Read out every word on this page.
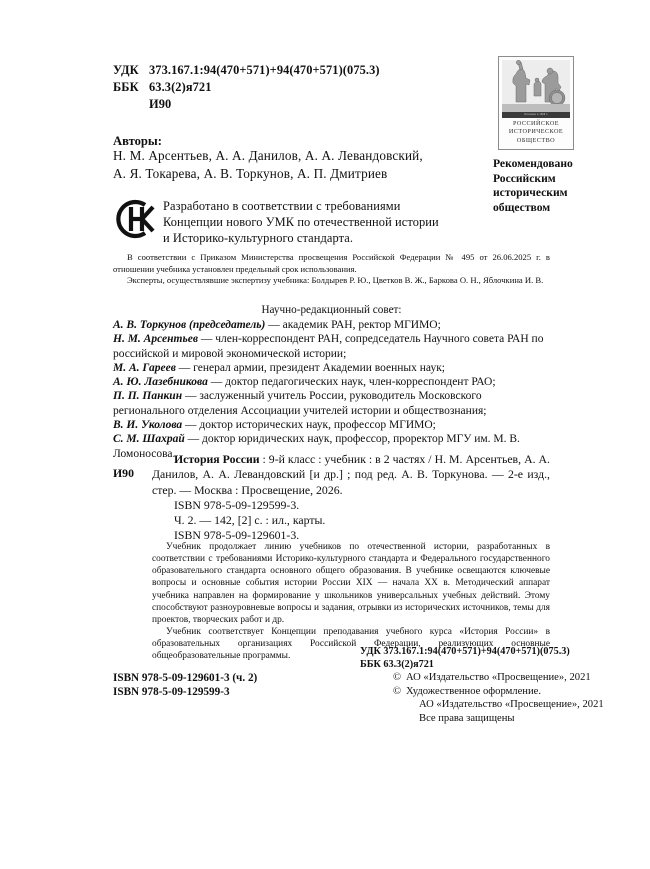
УДК 373.167.1:94(470+571)+94(470+571)(075.3)
ББК 63.3(2)я721
И90
Основано в 1866 г.
РОССИЙСКОЕ
ИСТОРИЧЕСКОЕ
ОБЩЕСТВО
Рекомендовано
Российским
историческим
обществом
Авторы:
Н. М. Арсентьев, А. А. Данилов, А. А. Левандовский,
А. Я. Токарева, А. В. Торкунов, А. П. Дмитриев
Разработано в соответствии с требованиями
Концепции нового УМК по отечественной истории
и Историко-культурного стандарта.

В соответствии с Приказом Министерства просвещения Российской Федерации № 495 от 26.06.2025 г. в отношении учебника установлен предельный срок использования.

Эксперты, осуществлявшие экспертизу учебника: Болдырев Р. Ю., Цветков В. Ж., Баркова О. Н., Яблочкина И. В.

Научно-редакционный совет:
А. В. Торкунов (председатель) — академик РАН, ректор МГИМО;
Н. М. Арсентьев — член-корреспондент РАН, сопредседатель Научного совета РАН по российской и мировой экономической истории;
М. А. Гареев — генерал армии, президент Академии военных наук;
А. Ю. Лазебникова — доктор педагогических наук, член-корреспондент РАО;
П. П. Панкин — заслуженный учитель России, руководитель Московского регионального отделения Ассоциации учителей истории и обществознания;
В. И. Уколова — доктор исторических наук, профессор МГИМО;
С. М. Шахрай — доктор юридических наук, профессор, проректор МГУ им. М. В. Ломоносова.
И90
История России : 9-й класс : учебник : в 2 частях / Н. М. Арсентьев, А. А. Данилов, А. А. Левандовский [и др.] ; под ред. А. В. Торкунова. — 2-е изд., стер. — Москва : Просвещение, 2026.
ISBN 978-5-09-129599-3.
Ч. 2. — 142, [2] с. : ил., карты.
ISBN 978-5-09-129601-3.

Учебник продолжает линию учебников по отечественной истории, разработанных в соответствии с требованиями Историко-культурного стандарта и Федерального государственного образовательного стандарта основного общего образования. В учебнике освещаются ключевые вопросы и основные события истории России XIX — начала XX в. Методический аппарат учебника направлен на формирование у школьников универсальных учебных действий. Этому способствуют разноуровневые вопросы и задания, отрывки из исторических источников, темы для проектов, творческих работ и др.

Учебник соответствует Концепции преподавания учебного курса «История России» в образовательных организациях Российской Федерации, реализующих основные общеобразовательные программы.	УДК 373.167.1:94(470+571)+94(470+571)(075.3)
ББК 63.3(2)я721
ISBN 978-5-09-129601-3 (ч. 2)
ISBN 978-5-09-129599-3
© АО «Издательство «Просвещение», 2021
© Художественное оформление.
АО «Издательство «Просвещение», 2021
Все права защищены
